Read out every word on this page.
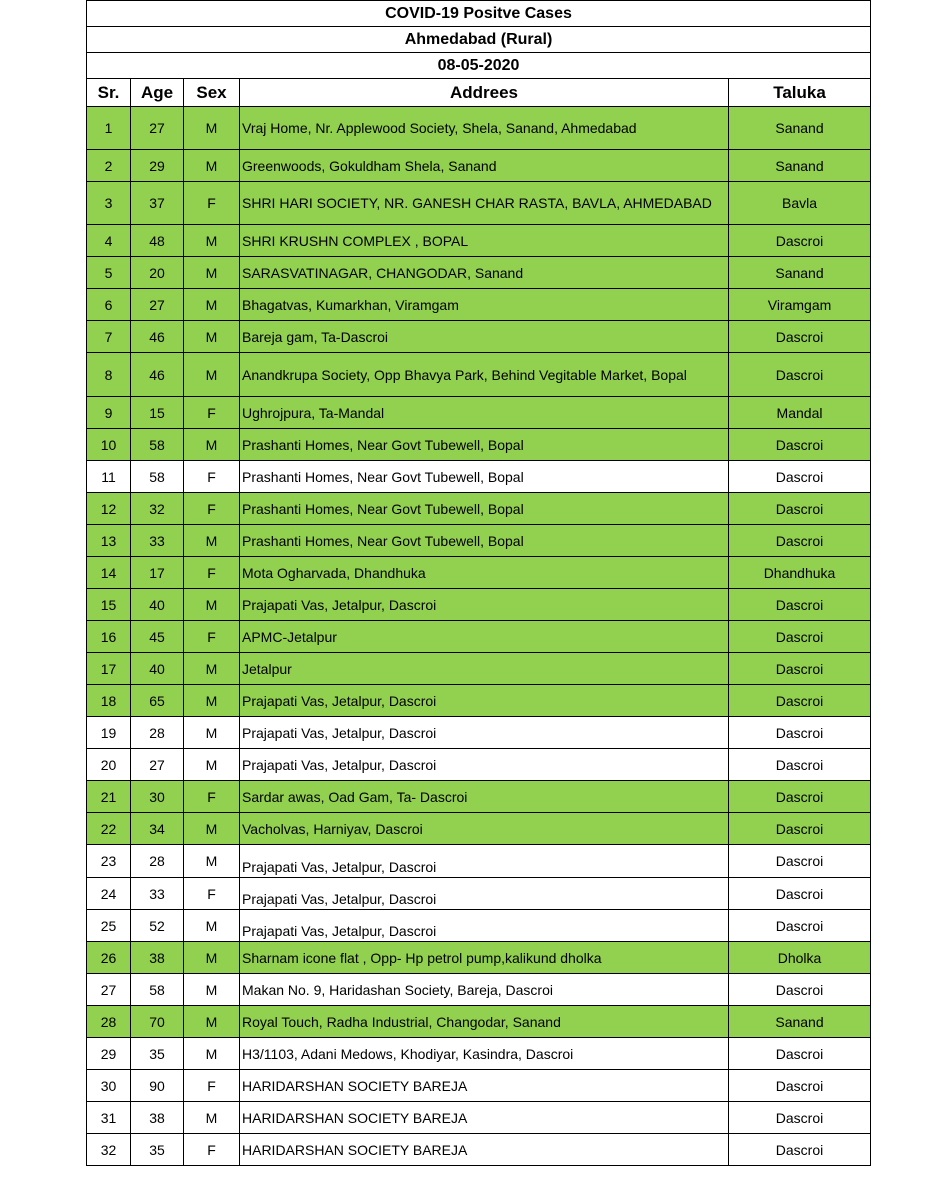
COVID-19 Positve Cases				
Ahmedabad (Rural)				
08-05-2020				
Sr.	Age	Sex	Addrees	Taluka
1	27	M	Vraj Home, Nr. Applewood Society, Shela, Sanand, Ahmedabad	Sanand
2	29	M	Greenwoods, Gokuldham Shela, Sanand	Sanand
3	37	F	SHRI HARI SOCIETY, NR. GANESH CHAR RASTA, BAVLA, AHMEDABAD	Bavla
4	48	M	SHRI KRUSHN COMPLEX , BOPAL	Dascroi
5	20	M	SARASVATINAGAR, CHANGODAR, Sanand	Sanand
6	27	M	Bhagatvas, Kumarkhan, Viramgam	Viramgam
7	46	M	Bareja gam, Ta-Dascroi	Dascroi
8	46	M	Anandkrupa Society, Opp Bhavya Park, Behind Vegitable Market, Bopal	Dascroi
9	15	F	Ughrojpura, Ta-Mandal	Mandal
10	58	M	Prashanti Homes, Near Govt Tubewell, Bopal	Dascroi
11	58	F	Prashanti Homes, Near Govt Tubewell, Bopal	Dascroi
12	32	F	Prashanti Homes, Near Govt Tubewell, Bopal	Dascroi
13	33	M	Prashanti Homes, Near Govt Tubewell, Bopal	Dascroi
14	17	F	Mota Ogharvada, Dhandhuka	Dhandhuka
15	40	M	Prajapati Vas, Jetalpur, Dascroi	Dascroi
16	45	F	APMC-Jetalpur	Dascroi
17	40	M	Jetalpur	Dascroi
18	65	M	Prajapati Vas, Jetalpur, Dascroi	Dascroi
19	28	M	Prajapati Vas, Jetalpur, Dascroi	Dascroi
20	27	M	Prajapati Vas, Jetalpur, Dascroi	Dascroi
21	30	F	Sardar awas, Oad Gam, Ta- Dascroi	Dascroi
22	34	M	Vacholvas, Harniyav, Dascroi	Dascroi
23	28	M	Prajapati Vas, Jetalpur, Dascroi	Dascroi
24	33	F	Prajapati Vas, Jetalpur, Dascroi	Dascroi
25	52	M	Prajapati Vas, Jetalpur, Dascroi	Dascroi
26	38	M	Sharnam icone flat , Opp- Hp petrol pump,kalikund dholka	Dholka
27	58	M	Makan No. 9, Haridashan Society, Bareja, Dascroi	Dascroi
28	70	M	Royal Touch, Radha Industrial, Changodar, Sanand	Sanand
29	35	M	H3/1103, Adani Medows, Khodiyar, Kasindra, Dascroi	Dascroi
30	90	F	HARIDARSHAN SOCIETY BAREJA	Dascroi
31	38	M	HARIDARSHAN SOCIETY BAREJA	Dascroi
32	35	F	HARIDARSHAN SOCIETY BAREJA	Dascroi
